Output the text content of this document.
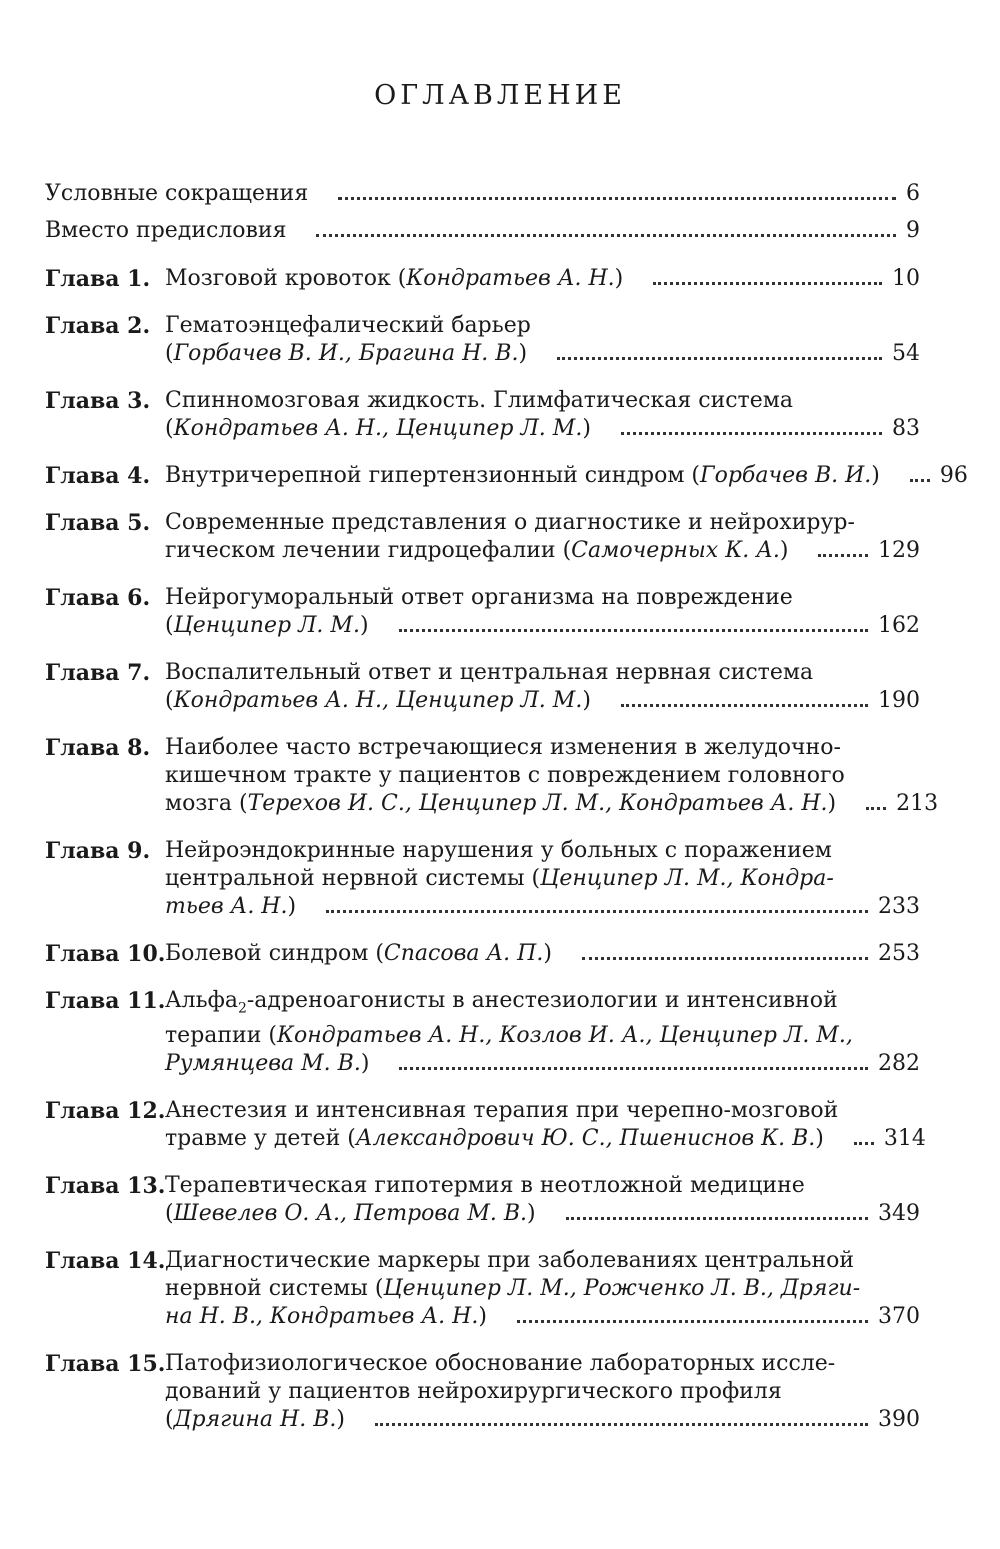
ОГЛАВЛЕНИЕ
Условные сокращения	6
Вместо предисловия	9
Глава 1. Мозговой кровоток (Кондратьев А. Н.)	10
Глава 2. Гематоэнцефалический барьер
(Горбачев В. И., Брагина Н. В.)	54
Глава 3. Спинномозговая жидкость. Глимфатическая система
(Кондратьев А. Н., Ценципер Л. М.)	83
Глава 4. Внутричерепной гипертензионный синдром (Горбачев В. И.)	96
Глава 5. Современные представления о диагностике и нейрохирур-
гическом лечении гидроцефалии (Самочерных К. А.)	129
Глава 6. Нейрогуморальный ответ организма на повреждение
(Ценципер Л. М.)	162
Глава 7. Воспалительный ответ и центральная нервная система
(Кондратьев А. Н., Ценципер Л. М.)	190
Глава 8. Наиболее часто встречающиеся изменения в желудочно-
кишечном тракте у пациентов с повреждением головного
мозга (Терехов И. С., Ценципер Л. М., Кондратьев А. Н.)	213
Глава 9. Нейроэндокринные нарушения у больных с поражением
центральной нервной системы (Ценципер Л. М., Кондра-
тьев А. Н.)	233
Глава 10. Болевой синдром (Спасова А. П.)	253
Глава 11. Альфа$_2$-адреноагонисты в анестезиологии и интенсивной
терапии (Кондратьев А. Н., Козлов И. А., Ценципер Л. М.,
Румянцева М. В.)	282
Глава 12. Анестезия и интенсивная терапия при черепно-мозговой
травме у детей (Александрович Ю. С., Пшениснов К. В.)	314
Глава 13. Терапевтическая гипотермия в неотложной медицине
(Шевелев О. А., Петрова М. В.)	349
Глава 14. Диагностические маркеры при заболеваниях центральной
нервной системы (Ценципер Л. М., Рожченко Л. В., Дряги-
на Н. В., Кондратьев А. Н.)	370
Глава 15. Патофизиологическое обоснование лабораторных иссле-
дований у пациентов нейрохирургического профиля
(Дрягина Н. В.)	390
